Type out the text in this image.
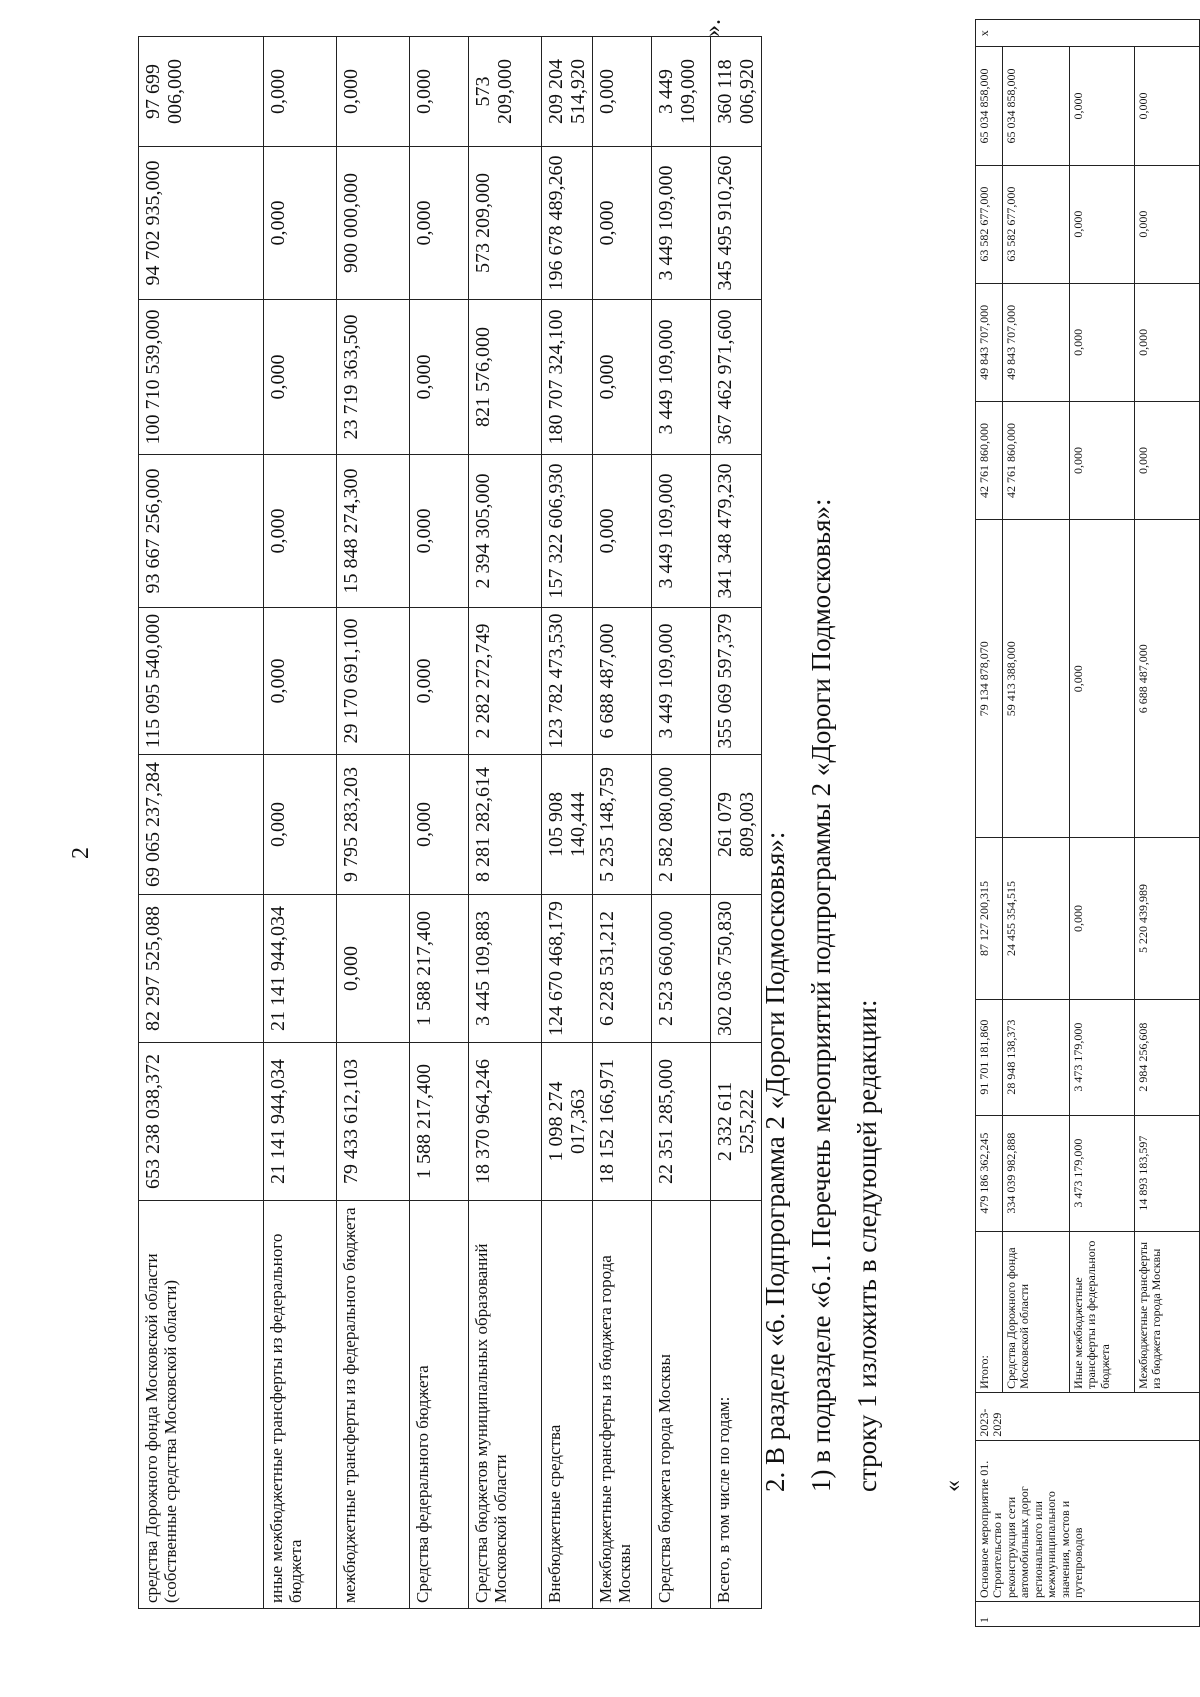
2
средства Дорожного фонда Московской области (собственные средства Московской области)	653 238 038,372	82 297 525,088	69 065 237,284	115 095 540,000	93 667 256,000	100 710 539,000	94 702 935,000	97 699 006,000
иные межбюджетные трансферты из федерального бюджета	21 141 944,034	21 141 944,034	0,000	0,000	0,000	0,000	0,000	0,000
межбюджетные трансферты из федерального бюджета	79 433 612,103	0,000	9 795 283,203	29 170 691,100	15 848 274,300	23 719 363,500	900 000,000	0,000
Средства федерального бюджета	1 588 217,400	1 588 217,400	0,000	0,000	0,000	0,000	0,000	0,000
Средства бюджетов муниципальных образований Московской области	18 370 964,246	3 445 109,883	8 281 282,614	2 282 272,749	2 394 305,000	821 576,000	573 209,000	573 209,000
Внебюджетные средства	1 098 274 017,363	124 670 468,179	105 908 140,444	123 782 473,530	157 322 606,930	180 707 324,100	196 678 489,260	209 204 514,920
Межбюджетные трансферты из бюджета города Москвы	18 152 166,971	6 228 531,212	5 235 148,759	6 688 487,000	0,000	0,000	0,000	0,000
Средства бюджета города Москвы	22 351 285,000	2 523 660,000	2 582 080,000	3 449 109,000	3 449 109,000	3 449 109,000	3 449 109,000	3 449 109,000
Всего, в том числе по годам:	2 332 611 525,222	302 036 750,830	261 079 809,003	355 069 597,379	341 348 479,230	367 462 971,600	345 495 910,260	360 118 006,920
».
2. В разделе «6. Подпрограмма 2 «Дороги Подмосковья»: 1) в подразделе «6.1. Перечень мероприятий подпрограммы 2 «Дороги Подмосковья»: строку 1 изложить в следующей редакции: «
1	Основное мероприятие 01. Строительство и реконструкция сети автомобильных дорог регионального или межмуниципального значения, мостов и путепроводов	2023-2029	Итого:	479 186 362,245	91 701 181,860	87 127 200,315	79 134 878,070	42 761 860,000	49 843 707,000	63 582 677,000	65 034 858,000	х
			Средства Дорожного фонда Московской области	334 039 982,888	28 948 138,373	24 455 354,515	59 413 388,000	42 761 860,000	49 843 707,000	63 582 677,000	65 034 858,000	
			Иные межбюджетные трансферты из федерального бюджета	3 473 179,000	3 473 179,000	0,000	0,000	0,000	0,000	0,000	0,000	
			Межбюджетные трансферты из бюджета города Москвы	14 893 183,597	2 984 256,608	5 220 439,989	6 688 487,000	0,000	0,000	0,000	0,000	
